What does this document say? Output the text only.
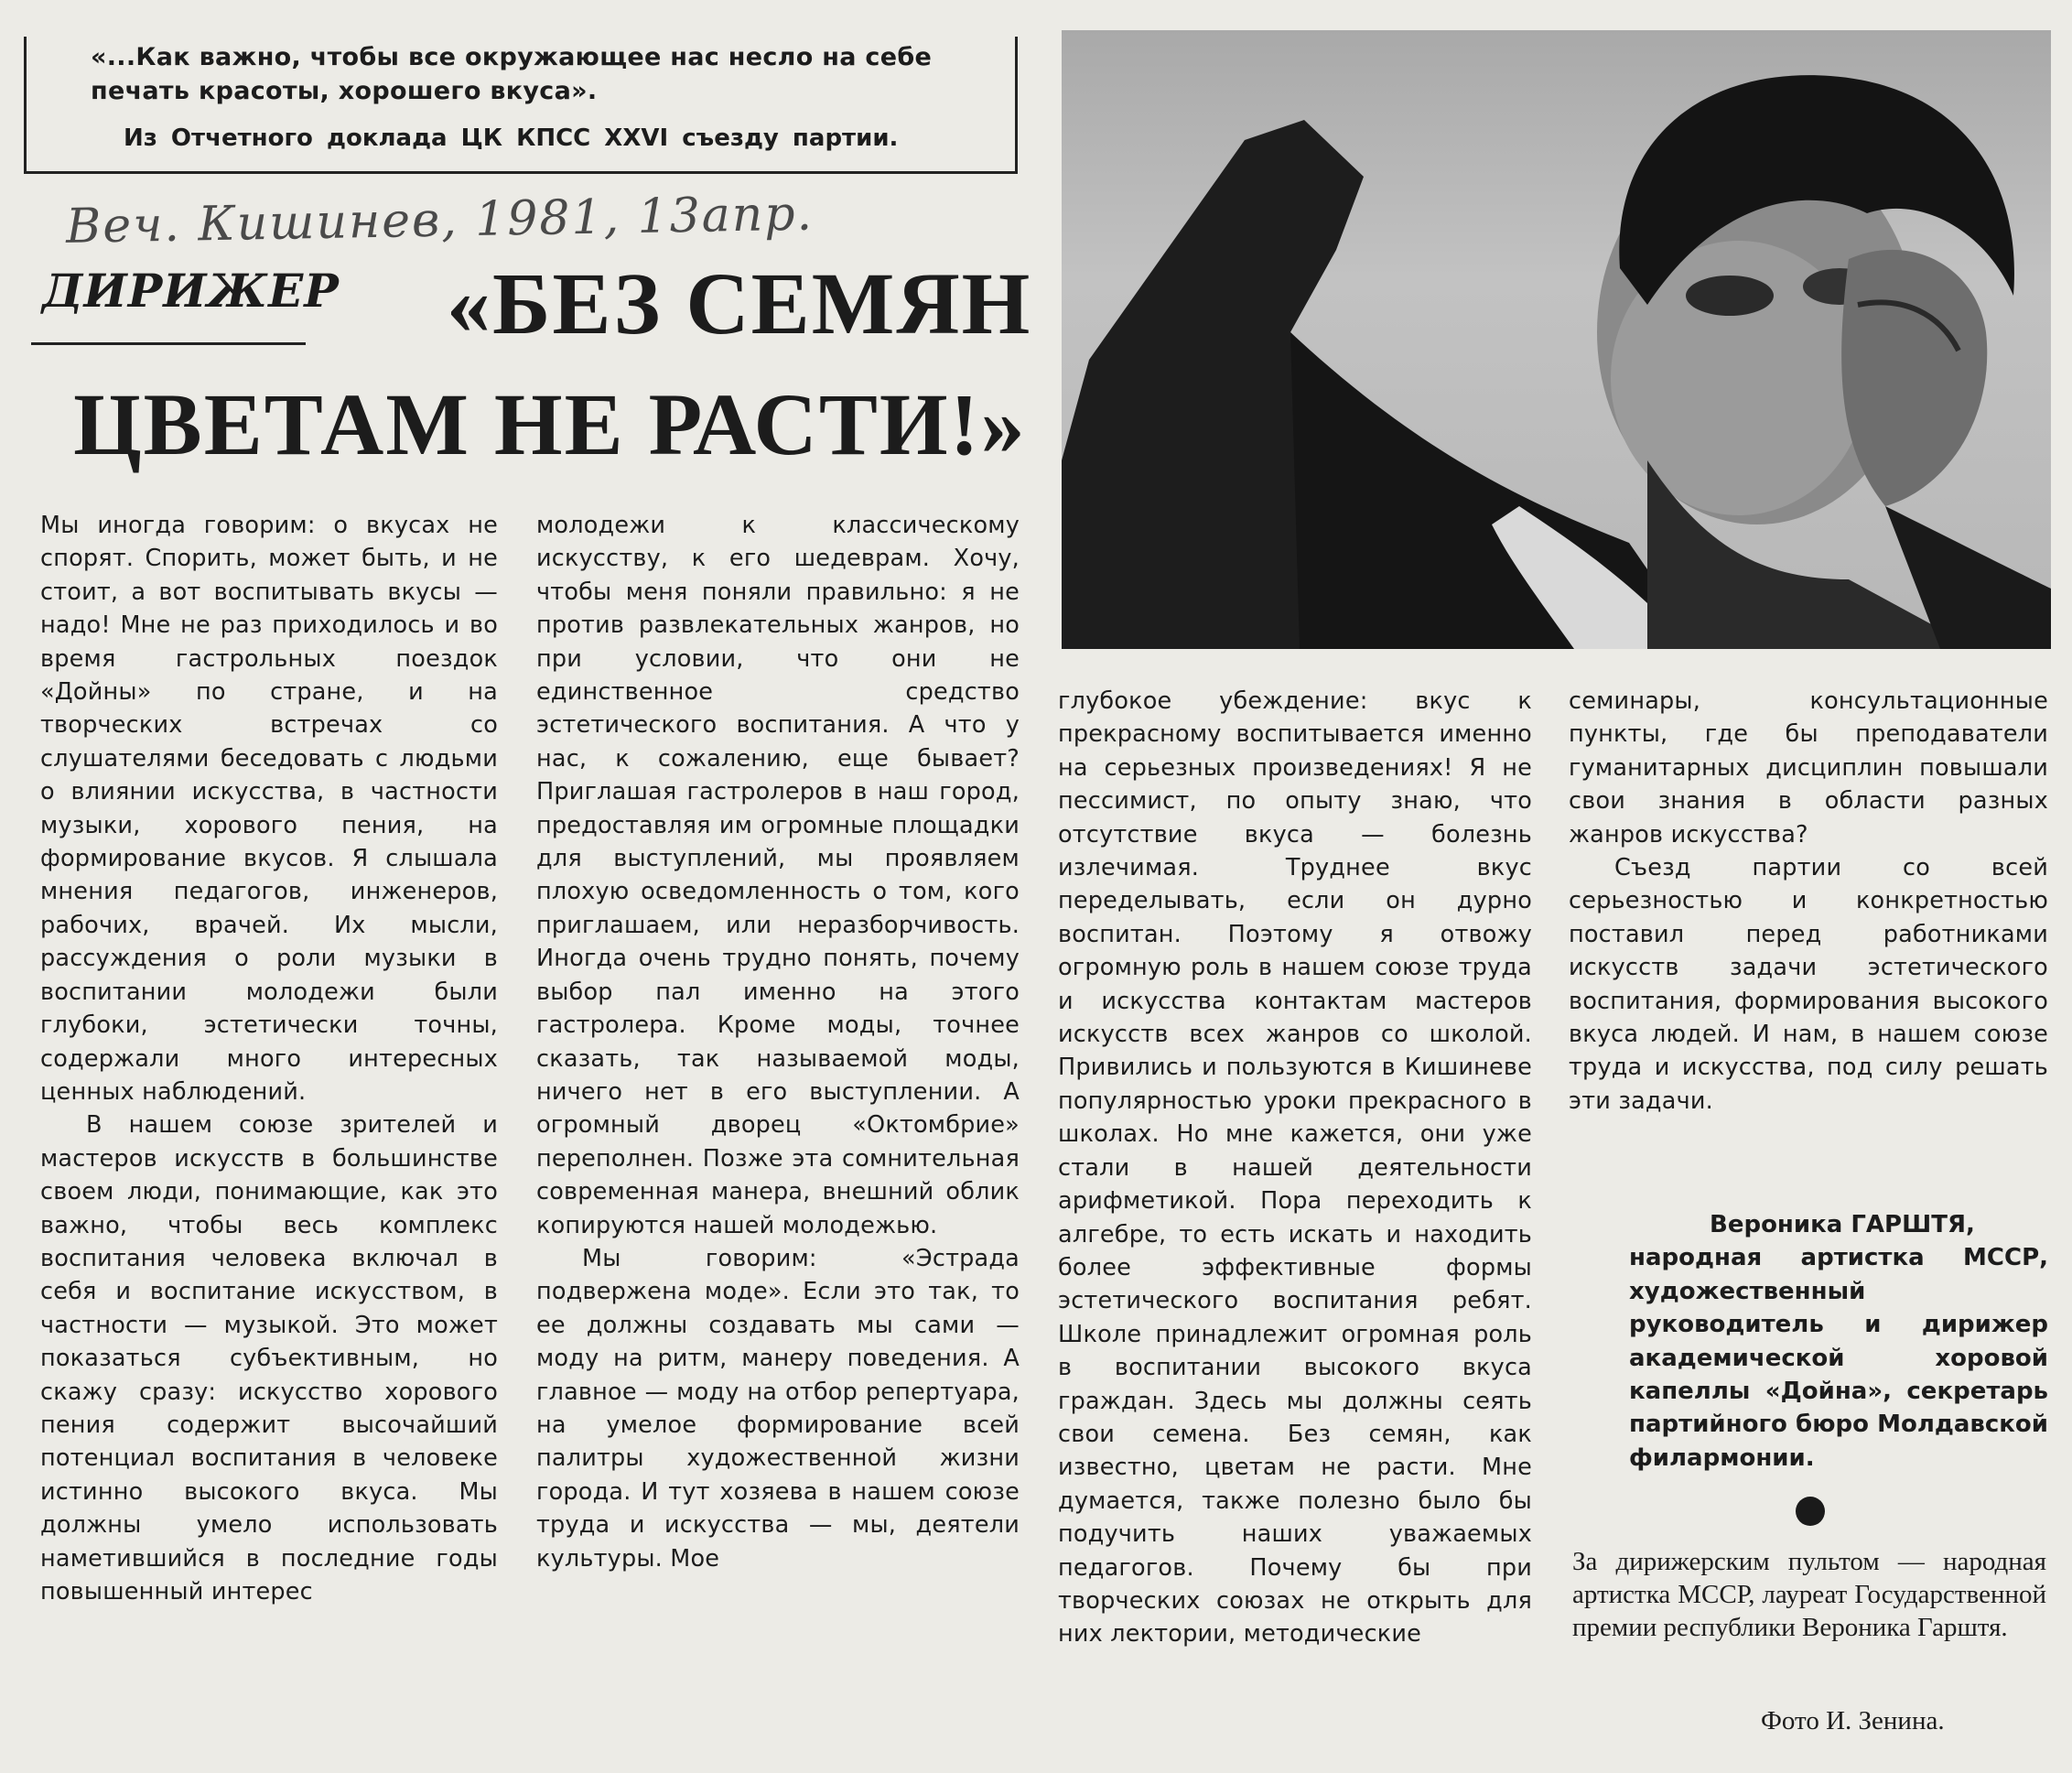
«...Как важно, чтобы все окружающее нас несло на себе печать красоты, хорошего вкуса».

Из Отчетного доклада ЦК КПСС XXVI съезду партии.

Веч. Кишинев, 1981, 13апр.
ДИРИЖЕР «БЕЗ СЕМЯН
ЦВЕТАМ НЕ РАСТИ!»

Мы иногда говорим: о вкусах не спорят. Спорить, может быть, и не стоит, а вот воспитывать вкусы — надо! Мне не раз приходилось и во время гастрольных поездок «Дойны» по стране, и на творческих встречах со слушателями беседовать с людьми о влиянии искусства, в частности музыки, хорового пения, на формирование вкусов. Я слышала мнения педагогов, инженеров, рабочих, врачей. Их мысли, рассуждения о роли музыки в воспитании молодежи были глубоки, эстетически точны, содержали много интересных ценных наблюдений.

В нашем союзе зрителей и мастеров искусств в большинстве своем люди, понимающие, как это важно, чтобы весь комплекс воспитания человека включал в себя и воспитание искусством, в частности — музыкой. Это может показаться субъективным, но скажу сразу: искусство хорового пения содержит высочайший потенциал воспитания в человеке истинно высокого вкуса. Мы должны умело использовать наметившийся в последние годы повышенный интерес

молодежи к классическому искусству, к его шедеврам. Хочу, чтобы меня поняли правильно: я не против развлекательных жанров, но при условии, что они не единственное средство эстетического воспитания. А что у нас, к сожалению, еще бывает? Приглашая гастролеров в наш город, предоставляя им огромные площадки для выступлений, мы проявляем плохую осведомленность о том, кого приглашаем, или неразборчивость. Иногда очень трудно понять, почему выбор пал именно на этого гастролера. Кроме моды, точнее сказать, так называемой моды, ничего нет в его выступлении. А огромный дворец «Октомбрие» переполнен. Позже эта сомнительная современная манера, внешний облик копируются нашей молодежью.

Мы говорим: «Эстрада подвержена моде». Если это так, то ее должны создавать мы сами — моду на ритм, манеру поведения. А главное — моду на отбор репертуара, на умелое формирование всей палитры художественной жизни города. И тут хозяева в нашем союзе труда и искусства — мы, деятели культуры. Мое

глубокое убеждение: вкус к прекрасному воспитывается именно на серьезных произведениях! Я не пессимист, по опыту знаю, что отсутствие вкуса — болезнь излечимая. Труднее вкус переделывать, если он дурно воспитан. Поэтому я отвожу огромную роль в нашем союзе труда и искусства контактам мастеров искусств всех жанров со школой. Привились и пользуются в Кишиневе популярностью уроки прекрасного в школах. Но мне кажется, они уже стали в нашей деятельности арифметикой. Пора переходить к алгебре, то есть искать и находить более эффективные формы эстетического воспитания ребят. Школе принадлежит огромная роль в воспитании высокого вкуса граждан. Здесь мы должны сеять свои семена. Без семян, как известно, цветам не расти. Мне думается, также полезно было бы подучить наших уважаемых педагогов. Почему бы при творческих союзах не открыть для них лектории, методические

семинары, консультационные пункты, где бы преподаватели гуманитарных дисциплин повышали свои знания в области разных жанров искусства?

Съезд партии со всей серьезностью и конкретностью поставил перед работниками искусств задачи эстетического воспитания, формирования высокого вкуса людей. И нам, в нашем союзе труда и искусства, под силу решать эти задачи.

Вероника ГАРШТЯ,
народная артистка МССР, художественный руководитель и дирижер академической хоровой капеллы «Дойна», секретарь партийного бюро Молдавской филармонии.
За дирижерским пультом — народная артистка МССР, лауреат Государственной премии республики Вероника Гарштя.
Фото И. Зенина.
